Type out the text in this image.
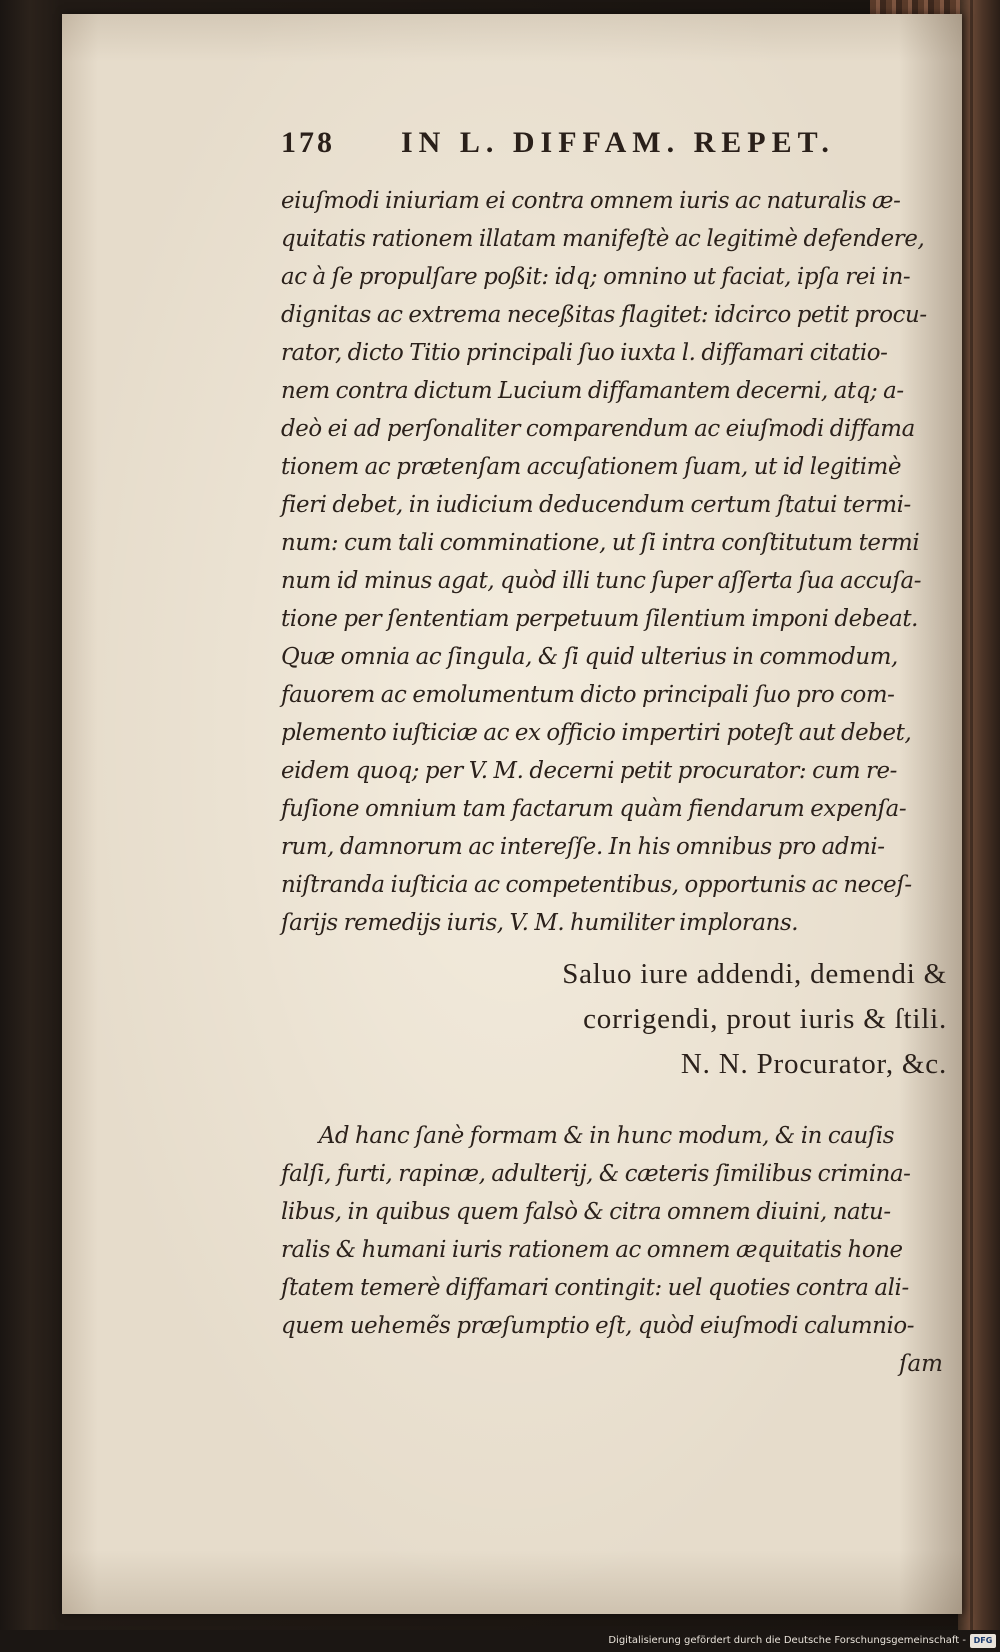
178	IN L. DIFFAM. REPET.
eiuſmodi iniuriam ei contra omnem iuris ac naturalis æ-
quitatis rationem illatam manifeſtè ac legitimè defendere,
ac à ſe propulſare poßit: idq; omnino ut faciat, ipſa rei in-
dignitas ac extrema neceßitas flagitet: idcirco petit procu-
rator, dicto Titio principali ſuo iuxta l. diffamari citatio-
nem contra dictum Lucium diffamantem decerni, atq; a-
deò ei ad perſonaliter comparendum ac eiuſmodi diffama
tionem ac prætenſam accuſationem ſuam, ut id legitimè
fieri debet, in iudicium deducendum certum ſtatui termi-
num: cum tali comminatione, ut ſi intra conſtitutum termi
num id minus agat, quòd illi tunc ſuper aſſerta ſua accuſa-
tione per ſententiam perpetuum ſilentium imponi debeat.
Quæ omnia ac ſingula, & ſi quid ulterius in commodum,
fauorem ac emolumentum dicto principali ſuo pro com-
plemento iuſticiæ ac ex officio impertiri poteſt aut debet,
eidem quoq; per V. M. decerni petit procurator: cum re-
fuſione omnium tam factarum quàm fiendarum expenſa-
rum, damnorum ac intereſſe. In his omnibus pro admi-
niſtranda iuſticia ac competentibus, opportunis ac neceſ-
ſarijs remedijs iuris, V. M. humiliter implorans.
Saluo iure addendi, demendi &
corrigendi, prout iuris & ſtili.
N. N. Procurator, &c.
Ad hanc ſanè formam & in hunc modum, & in cauſis
falſi, furti, rapinæ, adulterij, & cæteris ſimilibus crimina-
libus, in quibus quem falsò & citra omnem diuini, natu-
ralis & humani iuris rationem ac omnem æquitatis hone
ſtatem temerè diffamari contingit: uel quoties contra ali-
quem uehemẽs præſumptio eſt, quòd eiuſmodi calumnio-
ſam
Digitalisierung gefördert durch die Deutsche Forschungsgemeinschaft - DFG
